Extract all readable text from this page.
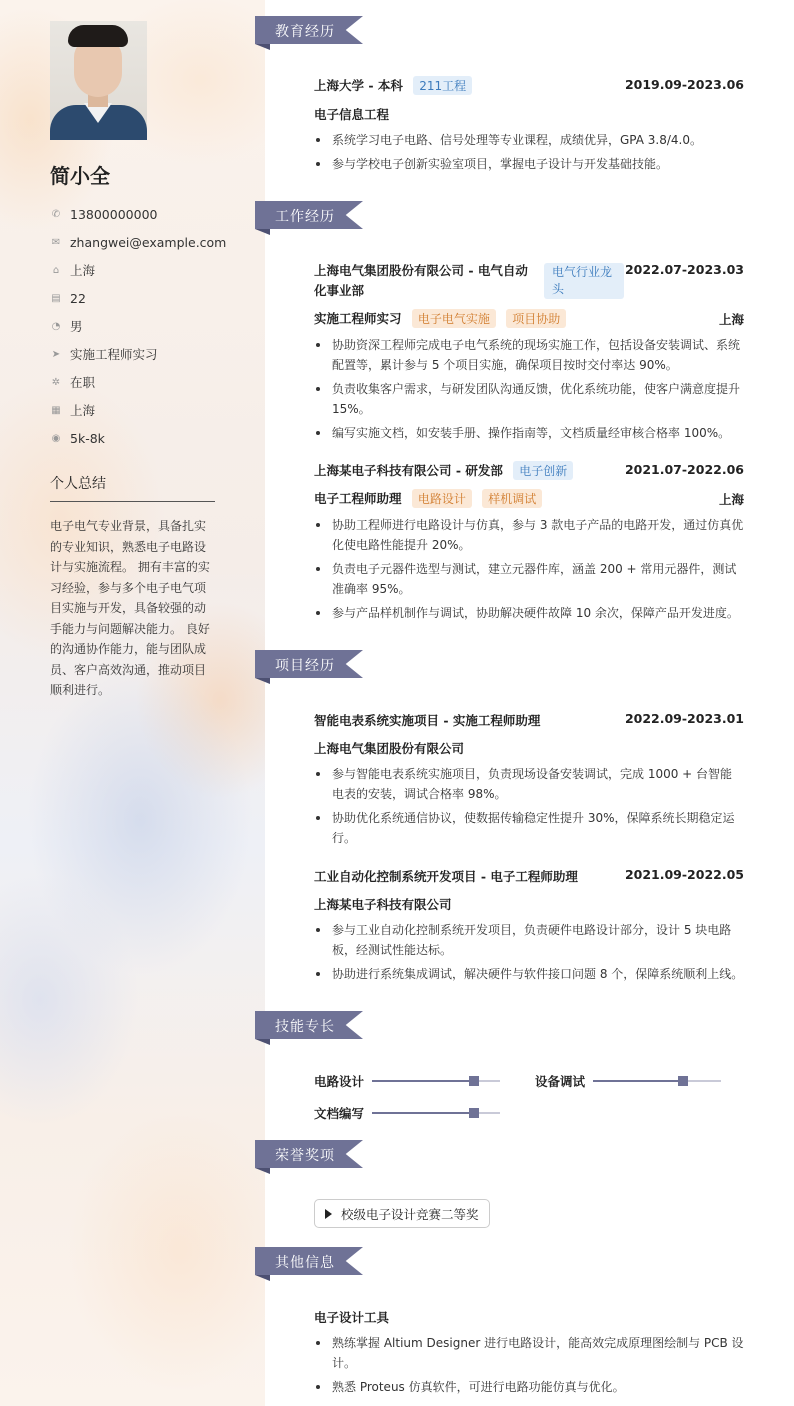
简小全
✆ 13800000000
✉ zhangwei@example.com
⌂ 上海
▤ 22
◔ 男
➤ 实施工程师实习
✲ 在职
▦ 上海
◉ 5k-8k
个人总结
电子电气专业背景，具备扎实的专业知识，熟悉电子电路设计与实施流程。 拥有丰富的实习经验，参与多个电子电气项目实施与开发，具备较强的动手能力与问题解决能力。 良好的沟通协作能力，能与团队成员、客户高效沟通，推动项目顺利进行。
教育经历
上海大学 - 本科 211工程	2019.09-2023.06
电子信息工程
系统学习电子电路、信号处理等专业课程，成绩优异，GPA 3.8/4.0。
参与学校电子创新实验室项目，掌握电子设计与开发基础技能。
工作经历
上海电气集团股份有限公司 - 电气自动化事业部
电气行业龙头
2022.07-2023.03
实施工程师实习 电子电气实施 项目协助	上海
协助资深工程师完成电子电气系统的现场实施工作，包括设备安装调试、系统配置等，累计参与 5 个项目实施，确保项目按时交付率达 90%。
负责收集客户需求，与研发团队沟通反馈，优化系统功能，使客户满意度提升 15%。
编写实施文档，如安装手册、操作指南等，文档质量经审核合格率 100%。
上海某电子科技有限公司 - 研发部 电子创新	2021.07-2022.06
电子工程师助理 电路设计 样机调试	上海
协助工程师进行电路设计与仿真，参与 3 款电子产品的电路开发，通过仿真优化使电路性能提升 20%。
负责电子元器件选型与测试，建立元器件库，涵盖 200 + 常用元器件，测试准确率 95%。
参与产品样机制作与调试，协助解决硬件故障 10 余次，保障产品开发进度。
项目经历
智能电表系统实施项目 - 实施工程师助理	2022.09-2023.01
上海电气集团股份有限公司
参与智能电表系统实施项目，负责现场设备安装调试，完成 1000 + 台智能电表的安装，调试合格率 98%。
协助优化系统通信协议，使数据传输稳定性提升 30%，保障系统长期稳定运行。
工业自动化控制系统开发项目 - 电子工程师助理	2021.09-2022.05
上海某电子科技有限公司
参与工业自动化控制系统开发项目，负责硬件电路设计部分，设计 5 块电路板，经测试性能达标。
协助进行系统集成调试，解决硬件与软件接口问题 8 个，保障系统顺利上线。
技能专长
电路设计	设备调试
文档编写
荣誉奖项
校级电子设计竞赛二等奖
其他信息
电子设计工具
熟练掌握 Altium Designer 进行电路设计，能高效完成原理图绘制与 PCB 设计。
熟悉 Proteus 仿真软件，可进行电路功能仿真与优化。
